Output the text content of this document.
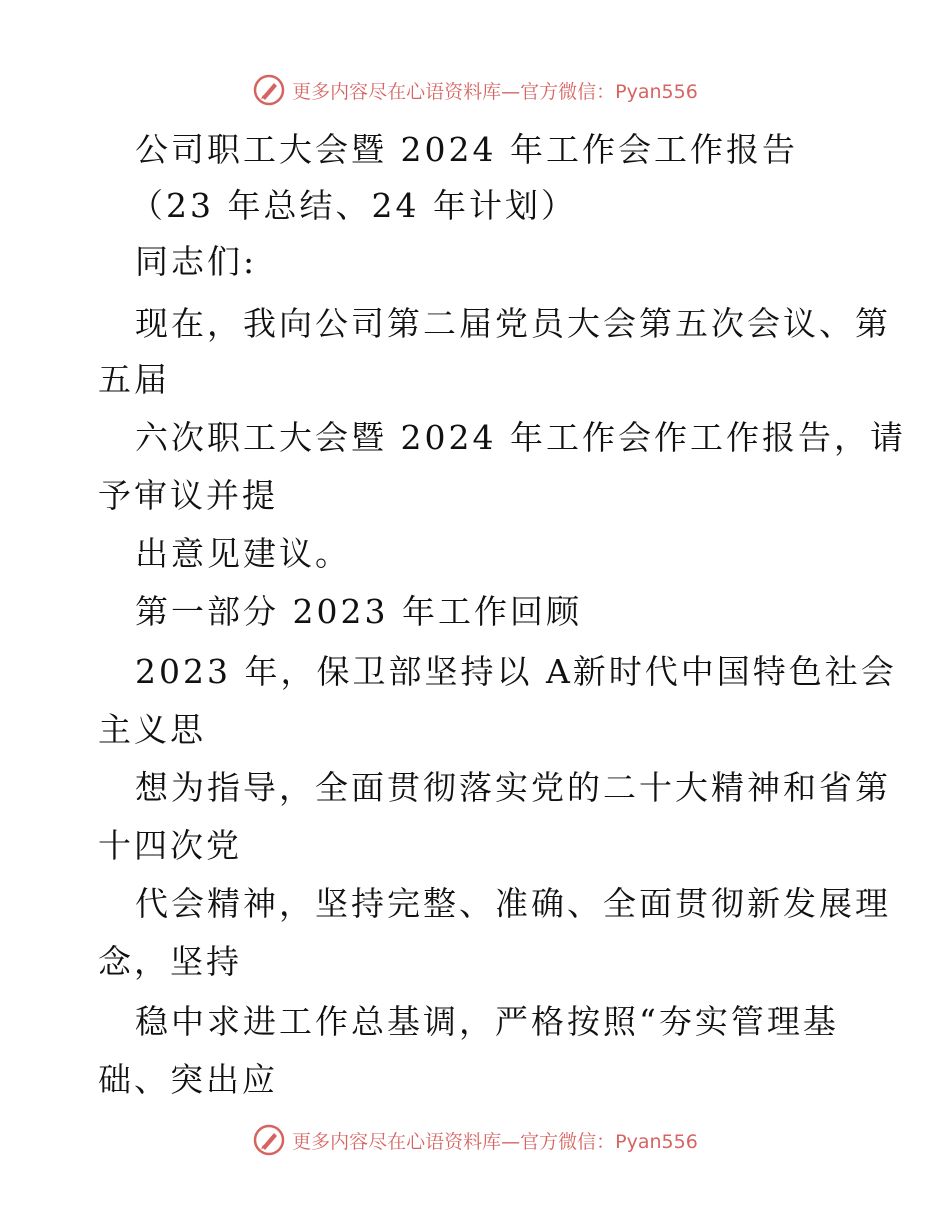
更多内容尽在心语资料库—官方微信：Pyan556
公司职工大会暨 2024 年工作会工作报告
（23 年总结、24 年计划）
同志们:
现在，我向公司第二届党员大会第五次会议、第
五届
六次职工大会暨 2024 年工作会作工作报告，请
予审议并提
出意见建议。
第一部分 2023 年工作回顾
2023 年，保卫部坚持以 A新时代中国特色社会
主义思
想为指导，全面贯彻落实党的二十大精神和省第
十四次党
代会精神，坚持完整、准确、全面贯彻新发展理
念，坚持
稳中求进工作总基调，严格按照“夯实管理基
础、突出应
更多内容尽在心语资料库—官方微信：Pyan556
